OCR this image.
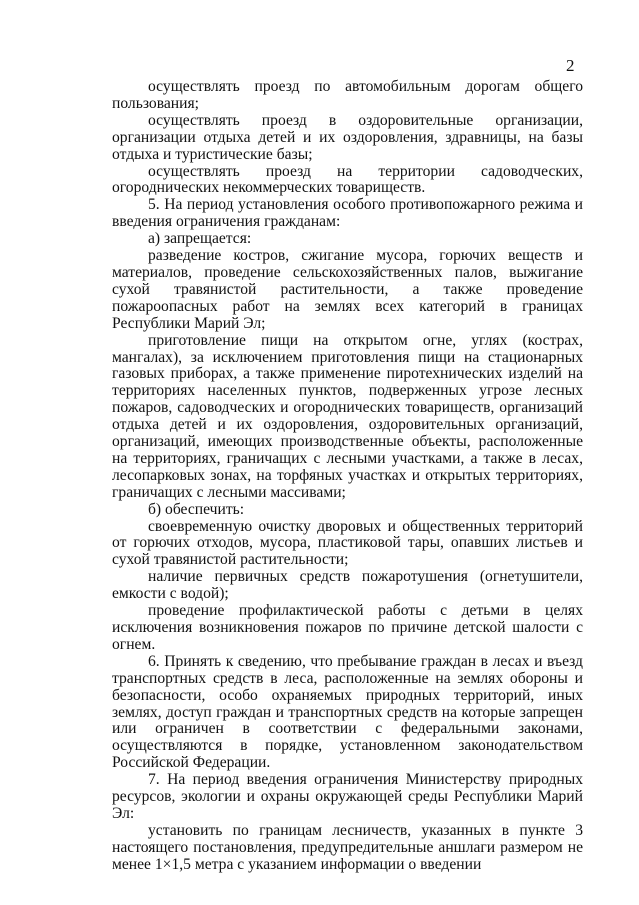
2

осуществлять проезд по автомобильным дорогам общего пользования;

осуществлять проезд в оздоровительные организации, организации отдыха детей и их оздоровления, здравницы, на базы отдыха и туристические базы;

осуществлять проезд на территории садоводческих, огороднических некоммерческих товариществ.

5. На период установления особого противопожарного режима и введения ограничения гражданам:

а) запрещается:

разведение костров, сжигание мусора, горючих веществ и материалов, проведение сельскохозяйственных палов, выжигание сухой травянистой растительности, а также проведение пожароопасных работ на землях всех категорий в границах Республики Марий Эл;

приготовление пищи на открытом огне, углях (кострах, мангалах), за исключением приготовления пищи на стационарных газовых приборах, а также применение пиротехнических изделий на территориях населенных пунктов, подверженных угрозе лесных пожаров, садоводческих и огороднических товариществ, организаций отдыха детей и их оздоровления, оздоровительных организаций, организаций, имеющих производственные объекты, расположенные на территориях, граничащих с лесными участками, а также в лесах, лесопарковых зонах, на торфяных участках и открытых территориях, граничащих с лесными массивами;

б) обеспечить:

своевременную очистку дворовых и общественных территорий от горючих отходов, мусора, пластиковой тары, опавших листьев и сухой травянистой растительности;

наличие первичных средств пожаротушения (огнетушители, емкости с водой);

проведение профилактической работы с детьми в целях исключения возникновения пожаров по причине детской шалости с огнем.

6. Принять к сведению, что пребывание граждан в лесах и въезд транспортных средств в леса, расположенные на землях обороны и безопасности, особо охраняемых природных территорий, иных землях, доступ граждан и транспортных средств на которые запрещен или ограничен в соответствии с федеральными законами, осуществляются в порядке, установленном законодательством Российской Федерации.

7. На период введения ограничения Министерству природных ресурсов, экологии и охраны окружающей среды Республики Марий Эл:

установить по границам лесничеств, указанных в пункте 3 настоящего постановления, предупредительные аншлаги размером не менее 1×1,5 метра с указанием информации о введении
